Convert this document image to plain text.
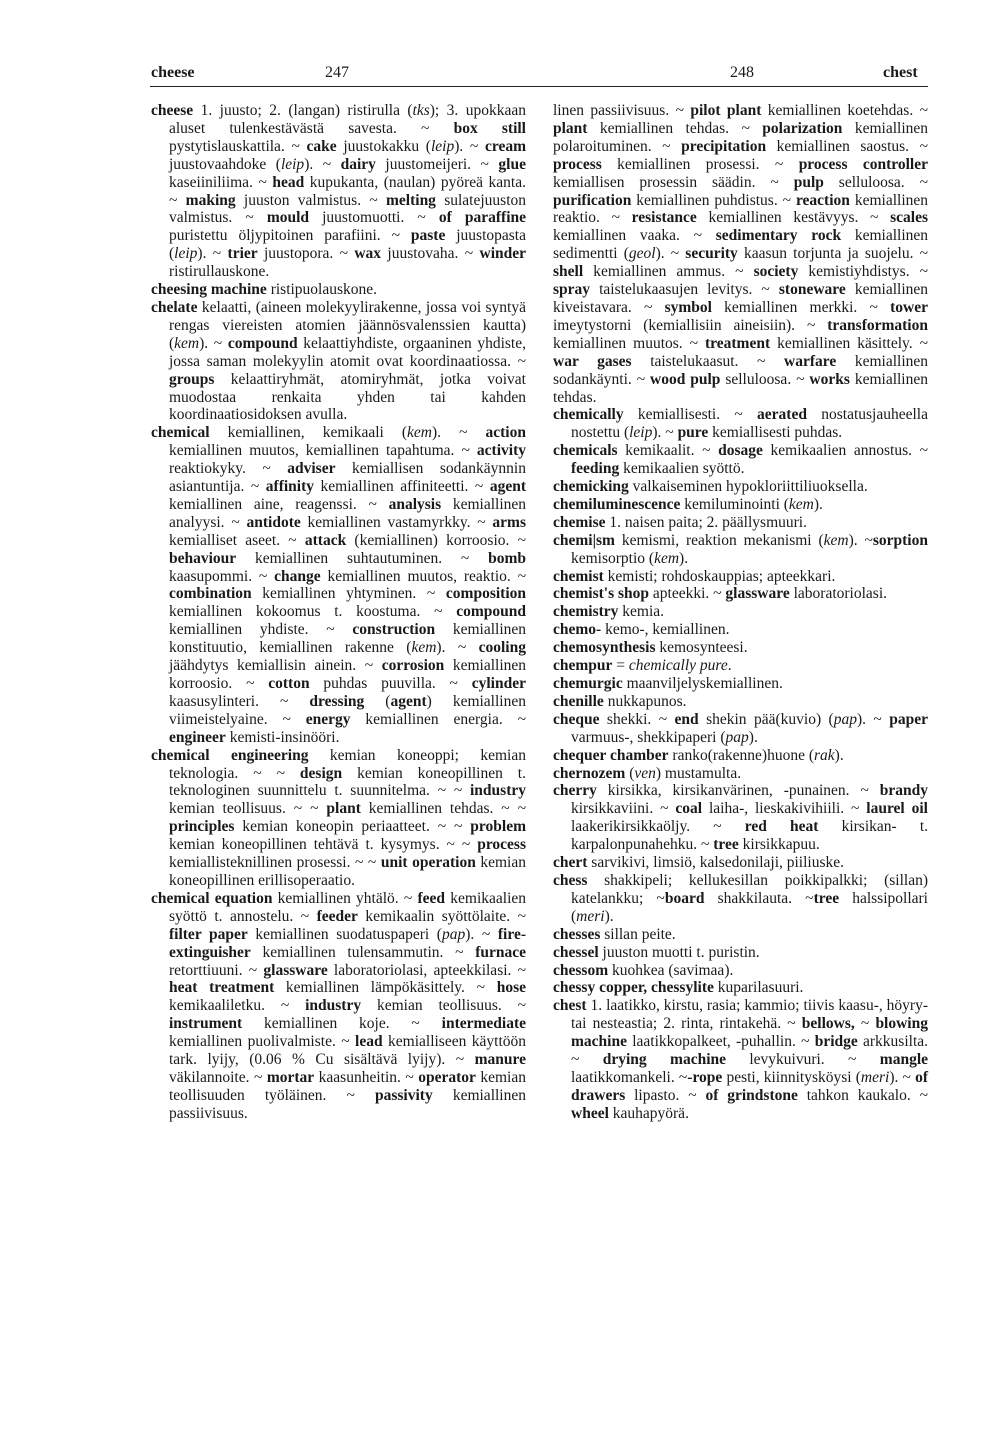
cheese	247	248	chest

cheese 1. juusto; 2. (langan) ristirulla (tks); 3. upokkaan aluset tulenkestävästä savesta. ~ box still pystytislauskattila. ~ cake juustokakku (leip). ~ cream juustovaahdoke (leip). ~ dairy juustomeijeri. ~ glue kaseiiniliima. ~ head kupukanta, (naulan) pyöreä kanta. ~ making juuston valmistus. ~ melting sulatejuuston valmistus. ~ mould juustomuotti. ~ of paraffine puristettu öljypitoinen parafiini. ~ paste juustopasta (leip). ~ trier juustopora. ~ wax juustovaha. ~ winder ristirullauskone.

cheesing machine ristipuolauskone.

chelate kelaatti, (aineen molekyylirakenne, jossa voi syntyä rengas viereisten atomien jäännösvalenssien kautta) (kem). ~ compound kelaattiyhdiste, orgaaninen yhdiste, jossa saman molekyylin atomit ovat koordinaatiossa. ~ groups kelaattiryhmät, atomiryhmät, jotka voivat muodostaa renkaita yhden tai kahden koordinaatiosidoksen avulla.

chemical kemiallinen, kemikaali (kem). ~ action kemiallinen muutos, kemiallinen tapahtuma. ~ activity reaktiokyky. ~ adviser kemiallisen sodankäynnin asiantuntija. ~ affinity kemiallinen affiniteetti. ~ agent kemiallinen aine, reagenssi. ~ analysis kemiallinen analyysi. ~ antidote kemiallinen vastamyrkky. ~ arms kemialliset aseet. ~ attack (kemiallinen) korroosio. ~ behaviour kemiallinen suhtautuminen. ~ bomb kaasupommi. ~ change kemiallinen muutos, reaktio. ~ combination kemiallinen yhtyminen. ~ composition kemiallinen kokoomus t. koostuma. ~ compound kemiallinen yhdiste. ~ construction kemiallinen konstituutio, kemiallinen rakenne (kem). ~ cooling jäähdytys kemiallisin ainein. ~ corrosion kemiallinen korroosio. ~ cotton puhdas puuvilla. ~ cylinder kaasusylinteri. ~ dressing (agent) kemiallinen viimeistelyaine. ~ energy kemiallinen energia. ~ engineer kemisti-insinööri.

chemical engineering kemian koneoppi; kemian teknologia. ~ ~ design kemian koneopillinen t. teknologinen suunnittelu t. suunnitelma. ~ ~ industry kemian teollisuus. ~ ~ plant kemiallinen tehdas. ~ ~ principles kemian koneopin periaatteet. ~ ~ problem kemian koneopillinen tehtävä t. kysymys. ~ ~ process kemiallisteknillinen prosessi. ~ ~ unit operation kemian koneopillinen erillisoperaatio.

chemical equation kemiallinen yhtälö. ~ feed kemikaalien syöttö t. annostelu. ~ feeder kemikaalin syöttölaite. ~ filter paper kemiallinen suodatuspaperi (pap). ~ fire-extinguisher kemiallinen tulensammutin. ~ furnace retorttiuuni. ~ glassware laboratoriolasi, apteekkilasi. ~ heat treatment kemiallinen lämpökäsittely. ~ hose kemikaaliletku. ~ industry kemian teollisuus. ~ instrument kemiallinen koje. ~ intermediate kemiallinen puolivalmiste. ~ lead kemialliseen käyttöön tark. lyijy, (0.06 % Cu sisältävä lyijy). ~ manure väkilannoite. ~ mortar kaasunheitin. ~ operator kemian teollisuuden työläinen. ~ passivity kemiallinen passiivisuus.

linen passiivisuus. ~ pilot plant kemiallinen koetehdas. ~ plant kemiallinen tehdas. ~ polarization kemiallinen polaroituminen. ~ precipitation kemiallinen saostus. ~ process kemiallinen prosessi. ~ process controller kemiallisen prosessin säädin. ~ pulp selluloosa. ~ purification kemiallinen puhdistus. ~ reaction kemiallinen reaktio. ~ resistance kemiallinen kestävyys. ~ scales kemiallinen vaaka. ~ sedimentary rock kemiallinen sedimentti (geol). ~ security kaasun torjunta ja suojelu. ~ shell kemiallinen ammus. ~ society kemistiyhdistys. ~ spray taistelukaasujen levitys. ~ stoneware kemiallinen kiveistavara. ~ symbol kemiallinen merkki. ~ tower imeytystorni (kemiallisiin aineisiin). ~ transformation kemiallinen muutos. ~ treatment kemiallinen käsittely. ~ war gases taistelukaasut. ~ warfare kemiallinen sodankäynti. ~ wood pulp selluloosa. ~ works kemiallinen tehdas.

chemically kemiallisesti. ~ aerated nostatusjauheella nostettu (leip). ~ pure kemiallisesti puhdas.

chemicals kemikaalit. ~ dosage kemikaalien annostus. ~ feeding kemikaalien syöttö.

chemicking valkaiseminen hypokloriittiliuoksella.

chemiluminescence kemiluminointi (kem).

chemise 1. naisen paita; 2. päällysmuuri.

chemi|sm kemismi, reaktion mekanismi (kem). ~sorption kemisorptio (kem).

chemist kemisti; rohdoskauppias; apteekkari.

chemist's shop apteekki. ~ glassware laboratoriolasi.

chemistry kemia.

chemo- kemo-, kemiallinen.

chemosynthesis kemosynteesi.

chempur = chemically pure.

chemurgic maanviljelyskemiallinen.

chenille nukkapunos.

cheque shekki. ~ end shekin pää(kuvio) (pap). ~ paper varmuus-, shekkipaperi (pap).

chequer chamber ranko(rakenne)huone (rak).

chernozem (ven) mustamulta.

cherry kirsikka, kirsikanvärinen, -punainen. ~ brandy kirsikkaviini. ~ coal laiha-, lieskakivihiili. ~ laurel oil laakerikirsikkaöljy. ~ red heat kirsikan- t. karpalonpunahehku. ~ tree kirsikkapuu.

chert sarvikivi, limsiö, kalsedonilaji, piiliuske.

chess shakkipeli; kellukesillan poikkipalkki; (sillan) katelankku; ~board shakkilauta. ~tree halssipollari (meri).

chesses sillan peite.

chessel juuston muotti t. puristin.

chessom kuohkea (savimaa).

chessy copper, chessylite kuparilasuuri.

chest 1. laatikko, kirstu, rasia; kammio; tiivis kaasu-, höyry- tai nesteastia; 2. rinta, rintakehä. ~ bellows, ~ blowing machine laatikkopalkeet, -puhallin. ~ bridge arkkusilta. ~ drying machine levykuivuri. ~ mangle laatikkomankeli. ~-rope pesti, kiinnitysköysi (meri). ~ of drawers lipasto. ~ of grindstone tahkon kaukalo. ~ wheel kauhapyörä.
